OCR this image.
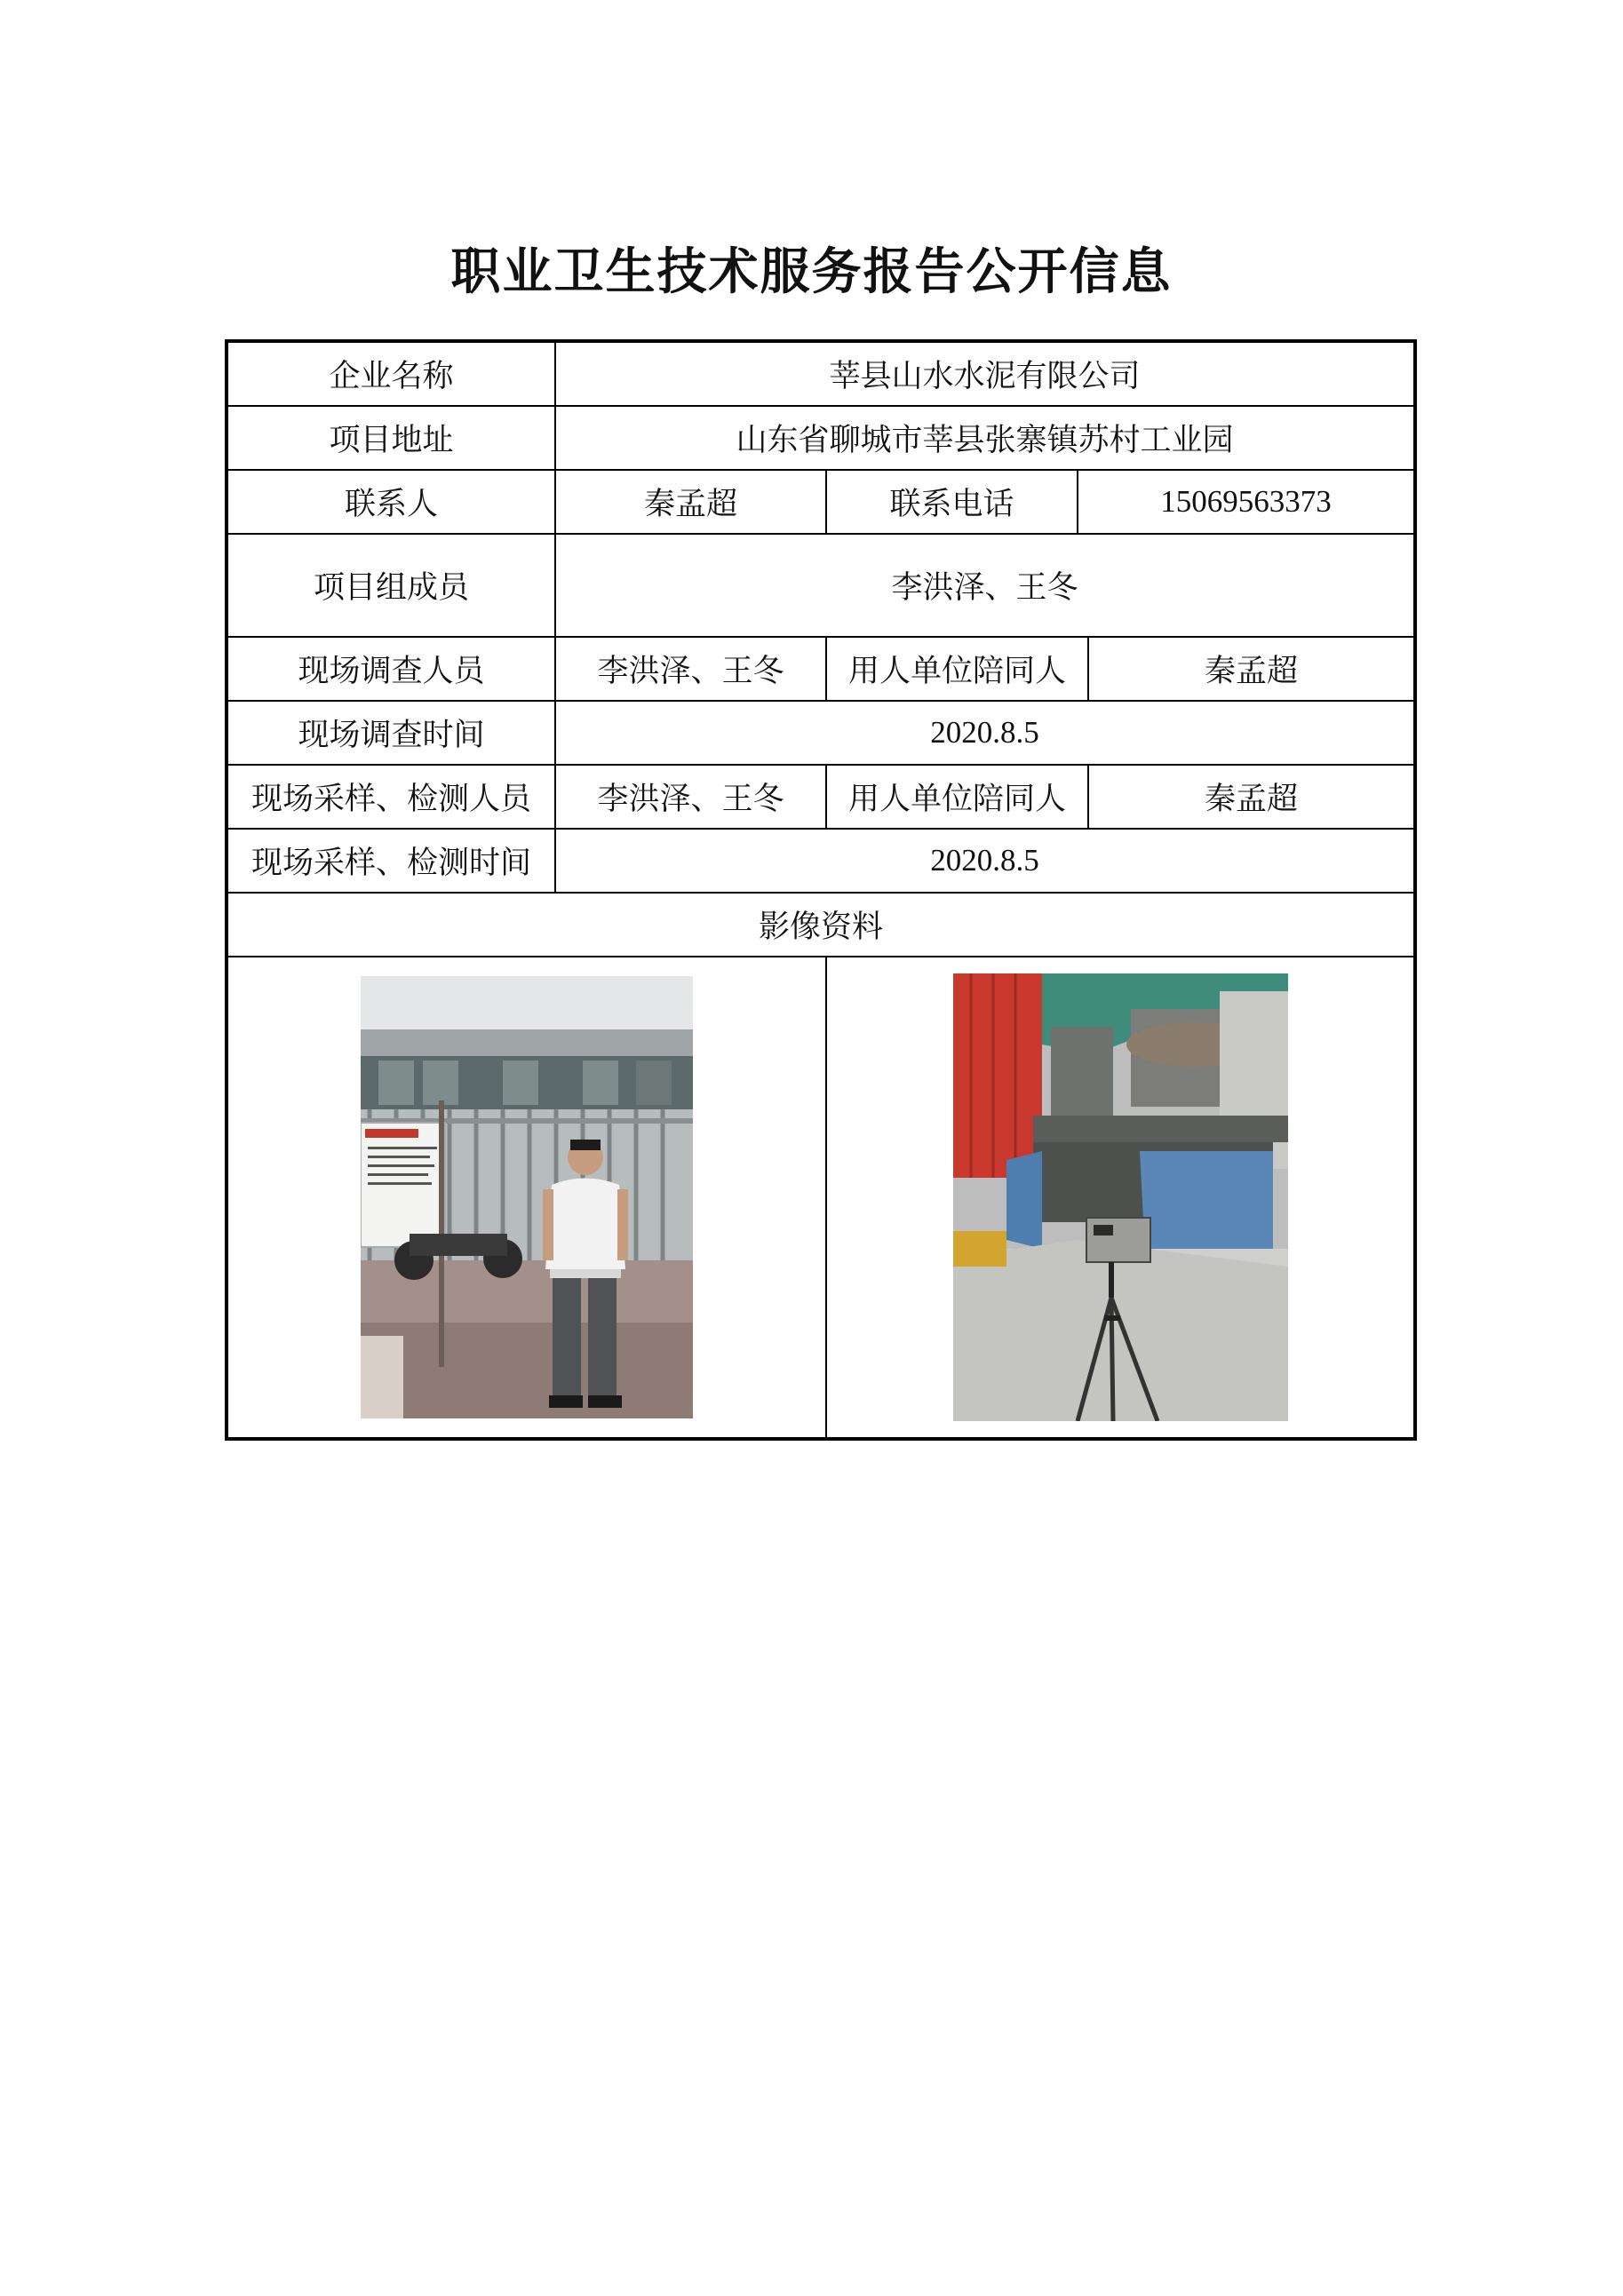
职业卫生技术服务报告公开信息
企业名称	莘县山水水泥有限公司			
项目地址	山东省聊城市莘县张寨镇苏村工业园			
联系人	秦孟超	联系电话	15069563373	
项目组成员	李洪泽、王冬			
现场调查人员	李洪泽、王冬	用人单位陪同人		秦孟超
现场调查时间	2020.8.5			
现场采样、检测人员	李洪泽、王冬	用人单位陪同人		秦孟超
现场采样、检测时间	2020.8.5			
影像资料				
